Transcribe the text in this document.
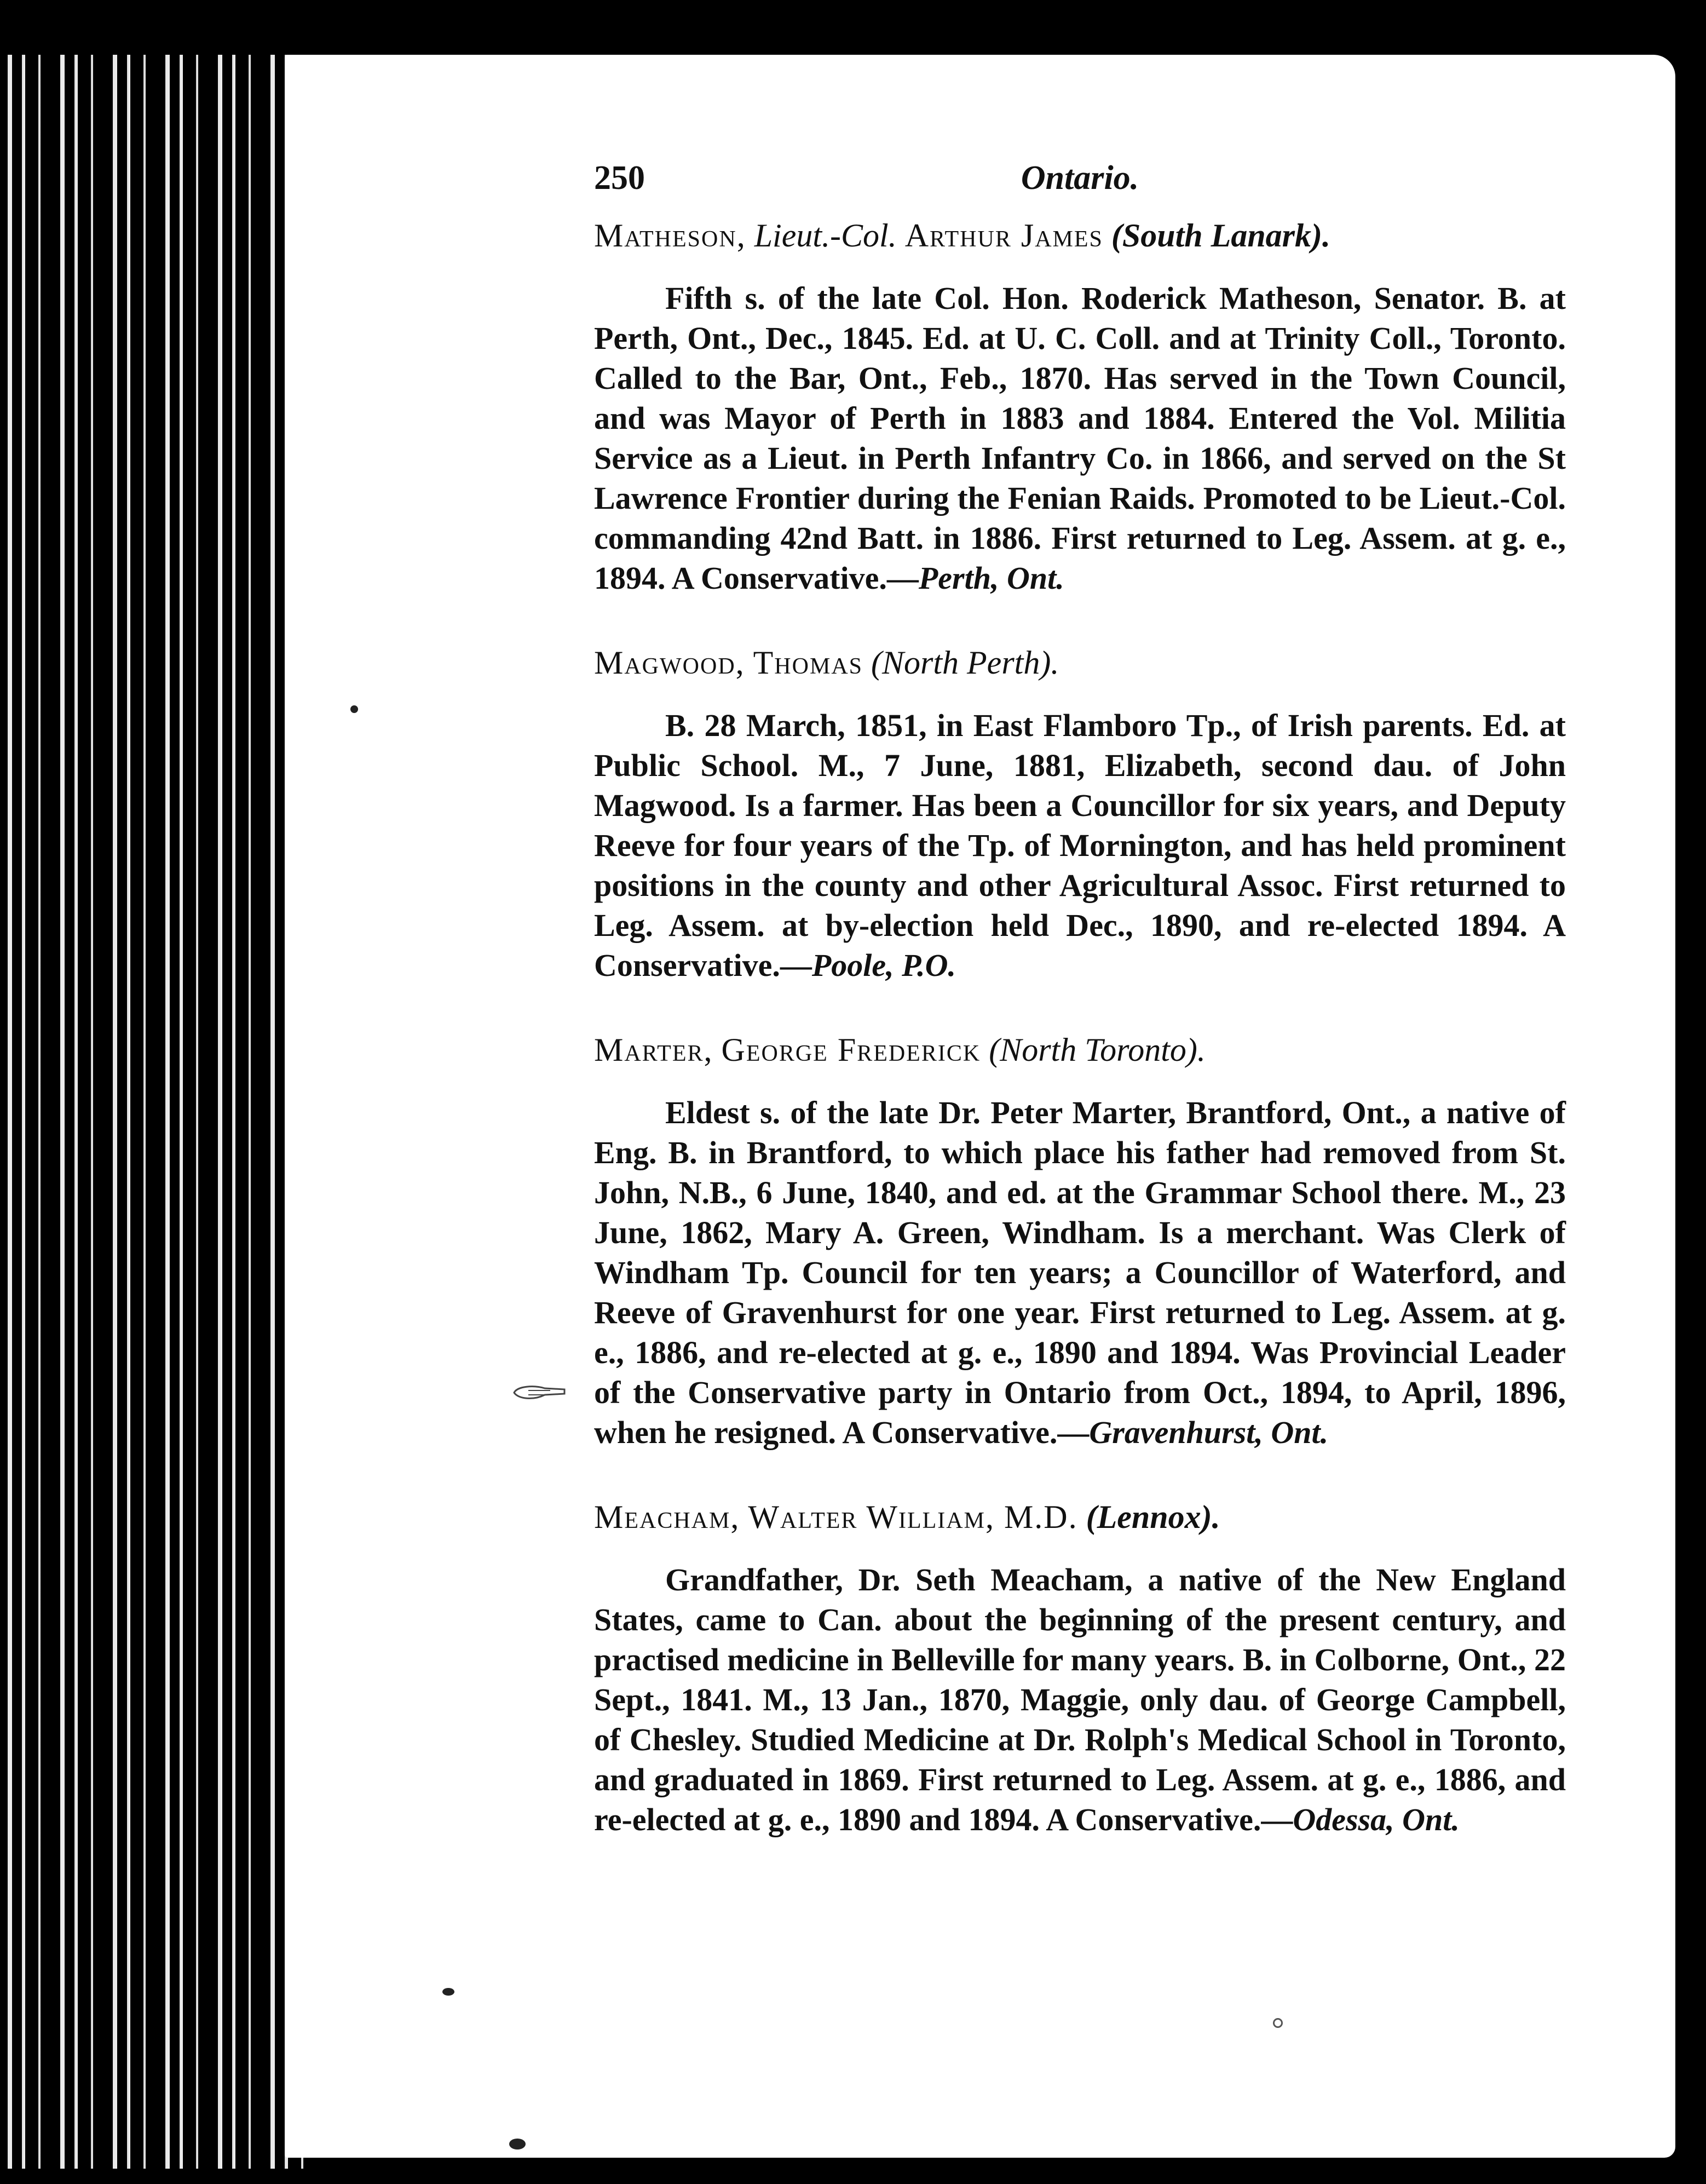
250	Ontario.

Matheson, Lieut.-Col. Arthur James (South Lanark).

Fifth s. of the late Col. Hon. Roderick Matheson, Senator. B. at Perth, Ont., Dec., 1845. Ed. at U. C. Coll. and at Trinity Coll., Toronto. Called to the Bar, Ont., Feb., 1870. Has served in the Town Council, and was Mayor of Perth in 1883 and 1884. Entered the Vol. Militia Service as a Lieut. in Perth Infantry Co. in 1866, and served on the St Lawrence Frontier during the Fenian Raids. Promoted to be Lieut.-Col. commanding 42nd Batt. in 1886. First returned to Leg. Assem. at g. e., 1894. A Conservative.—Perth, Ont.

Magwood, Thomas (North Perth).

B. 28 March, 1851, in East Flamboro Tp., of Irish parents. Ed. at Public School. M., 7 June, 1881, Elizabeth, second dau. of John Magwood. Is a farmer. Has been a Councillor for six years, and Deputy Reeve for four years of the Tp. of Mornington, and has held prominent positions in the county and other Agricultural Assoc. First returned to Leg. Assem. at by-election held Dec., 1890, and re-elected 1894. A Conservative.—Poole, P.O.

Marter, George Frederick (North Toronto).

Eldest s. of the late Dr. Peter Marter, Brantford, Ont., a native of Eng. B. in Brantford, to which place his father had removed from St. John, N.B., 6 June, 1840, and ed. at the Grammar School there. M., 23 June, 1862, Mary A. Green, Windham. Is a merchant. Was Clerk of Windham Tp. Council for ten years; a Councillor of Waterford, and Reeve of Gravenhurst for one year. First returned to Leg. Assem. at g. e., 1886, and re-elected at g. e., 1890 and 1894. Was Provincial Leader of the Conservative party in Ontario from Oct., 1894, to April, 1896, when he resigned. A Conservative.—Gravenhurst, Ont.

Meacham, Walter William, M.D. (Lennox).

Grandfather, Dr. Seth Meacham, a native of the New England States, came to Can. about the beginning of the present century, and practised medicine in Belleville for many years. B. in Colborne, Ont., 22 Sept., 1841. M., 13 Jan., 1870, Maggie, only dau. of George Campbell, of Chesley. Studied Medicine at Dr. Rolph's Medical School in Toronto, and graduated in 1869. First returned to Leg. Assem. at g. e., 1886, and re-elected at g. e., 1890 and 1894. A Conservative.—Odessa, Ont.
